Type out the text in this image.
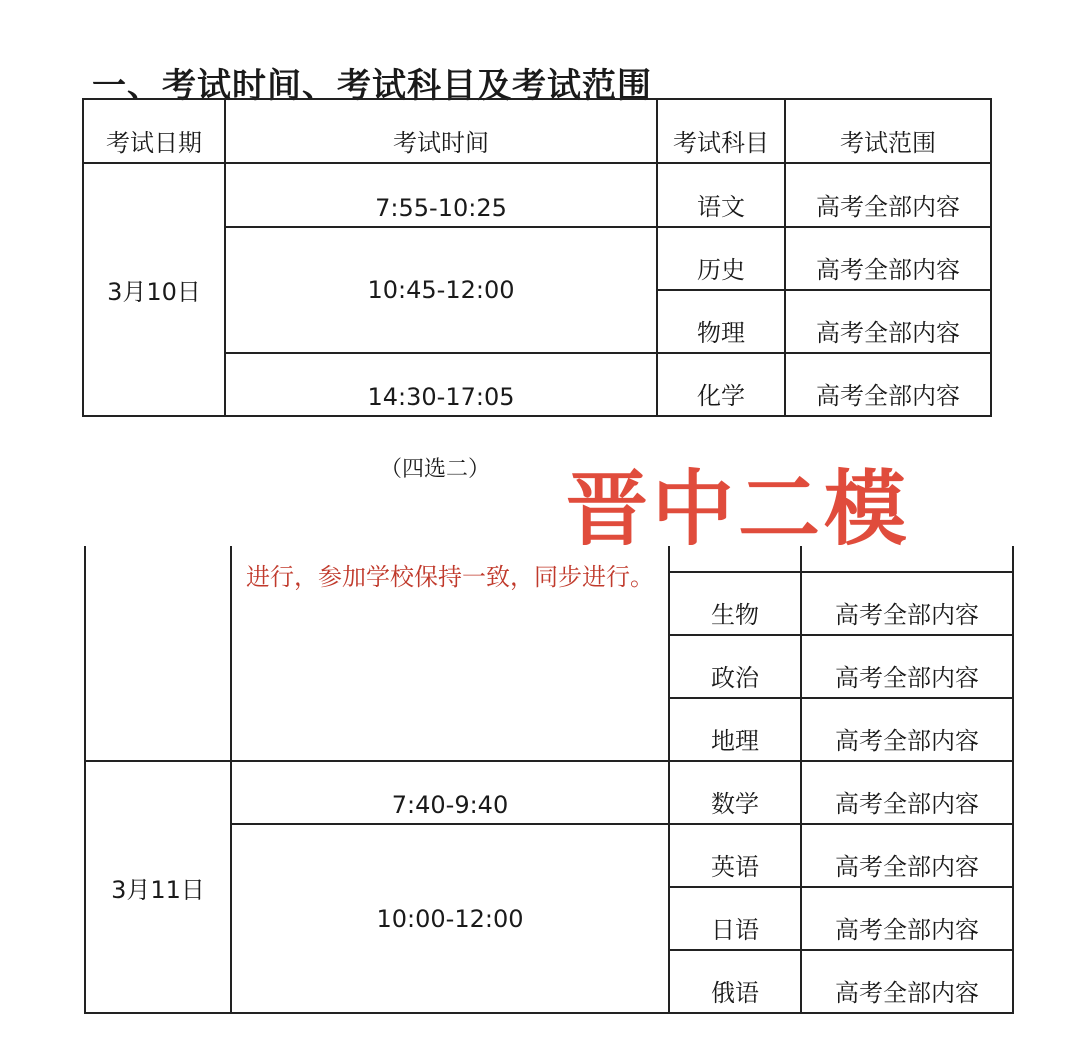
一、考试时间、考试科目及考试范围
考试日期	考试时间	考试科目	考试范围
3月10日	7:55-10:25	语文	高考全部内容
	10:45-12:00	历史	高考全部内容
		物理	高考全部内容
	14:30-17:05	化学	高考全部内容
（四选二） 晋中二模
	进行，参加学校保持一致，同步进行。		
		生物	高考全部内容
		政治	高考全部内容
		地理	高考全部内容
3月11日	7:40-9:40	数学	高考全部内容
	10:00-12:00	英语	高考全部内容
		日语	高考全部内容
		俄语	高考全部内容
